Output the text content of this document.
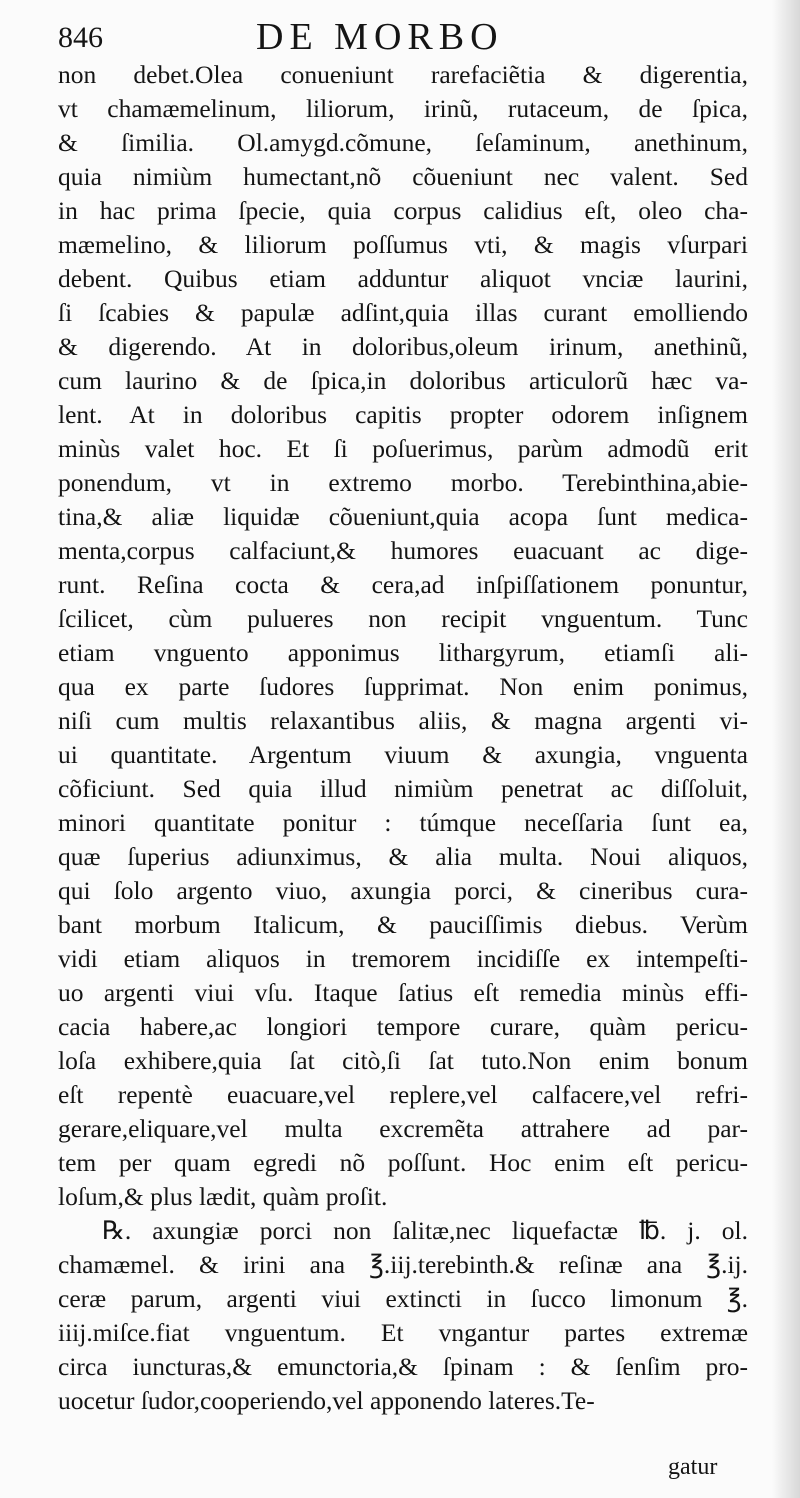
846	DE MORBO
non debet.Olea conueniunt rarefaciẽtia & digerentia,
vt chamæmelinum, liliorum, irinũ, rutaceum, de ſpica,
& ſimilia. Ol.amygd.cõmune, ſeſaminum, anethinum,
quia nimiùm humectant,nõ cõueniunt nec valent. Sed
in hac prima ſpecie, quia corpus calidius eſt, oleo cha-
mæmelino, & liliorum poſſumus vti, & magis vſurpari
debent. Quibus etiam adduntur aliquot vnciæ laurini,
ſi ſcabies & papulæ adſint,quia illas curant emolliendo
& digerendo. At in doloribus,oleum irinum, anethinũ,
cum laurino & de ſpica,in doloribus articulorũ hæc va-
lent. At in doloribus capitis propter odorem inſignem
minùs valet hoc. Et ſi poſuerimus, parùm admodũ erit
ponendum, vt in extremo morbo. Terebinthina,abie-
tina,& aliæ liquidæ cõueniunt,quia acopa ſunt medica-
menta,corpus calfaciunt,& humores euacuant ac dige-
runt. Reſina cocta & cera,ad inſpiſſationem ponuntur,
ſcilicet, cùm pulueres non recipit vnguentum. Tunc
etiam vnguento apponimus lithargyrum, etiamſi ali-
qua ex parte ſudores ſupprimat. Non enim ponimus,
niſi cum multis relaxantibus aliis, & magna argenti vi-
ui quantitate. Argentum viuum & axungia, vnguenta
cõficiunt. Sed quia illud nimiùm penetrat ac diſſoluit,
minori quantitate ponitur : túmque neceſſaria ſunt ea,
quæ ſuperius adiunximus, & alia multa. Noui aliquos,
qui ſolo argento viuo, axungia porci, & cineribus cura-
bant morbum Italicum, & pauciſſimis diebus. Verùm
vidi etiam aliquos in tremorem incidiſſe ex intempeſti-
uo argenti viui vſu. Itaque ſatius eſt remedia minùs effi-
cacia habere,ac longiori tempore curare, quàm pericu-
loſa exhibere,quia ſat citò,ſi ſat tuto.Non enim bonum
eſt repentè euacuare,vel replere,vel calfacere,vel refri-
gerare,eliquare,vel multa excremẽta attrahere ad par-
tem per quam egredi nõ poſſunt. Hoc enim eſt pericu-
loſum,& plus lædit, quàm proſit.
℞. axungiæ porci non ſalitæ,nec liquefactæ ℔. j. ol.
chamæmel. & irini ana ℥.iij.terebinth.& reſinæ ana ℥.ij.
ceræ parum, argenti viui extincti in ſucco limonum ℥.
iiij.miſce.fiat vnguentum. Et vngantur partes extremæ
circa iuncturas,& emunctoria,& ſpinam : & ſenſim pro-
uocetur ſudor,cooperiendo,vel apponendo lateres.Te-
gatur
